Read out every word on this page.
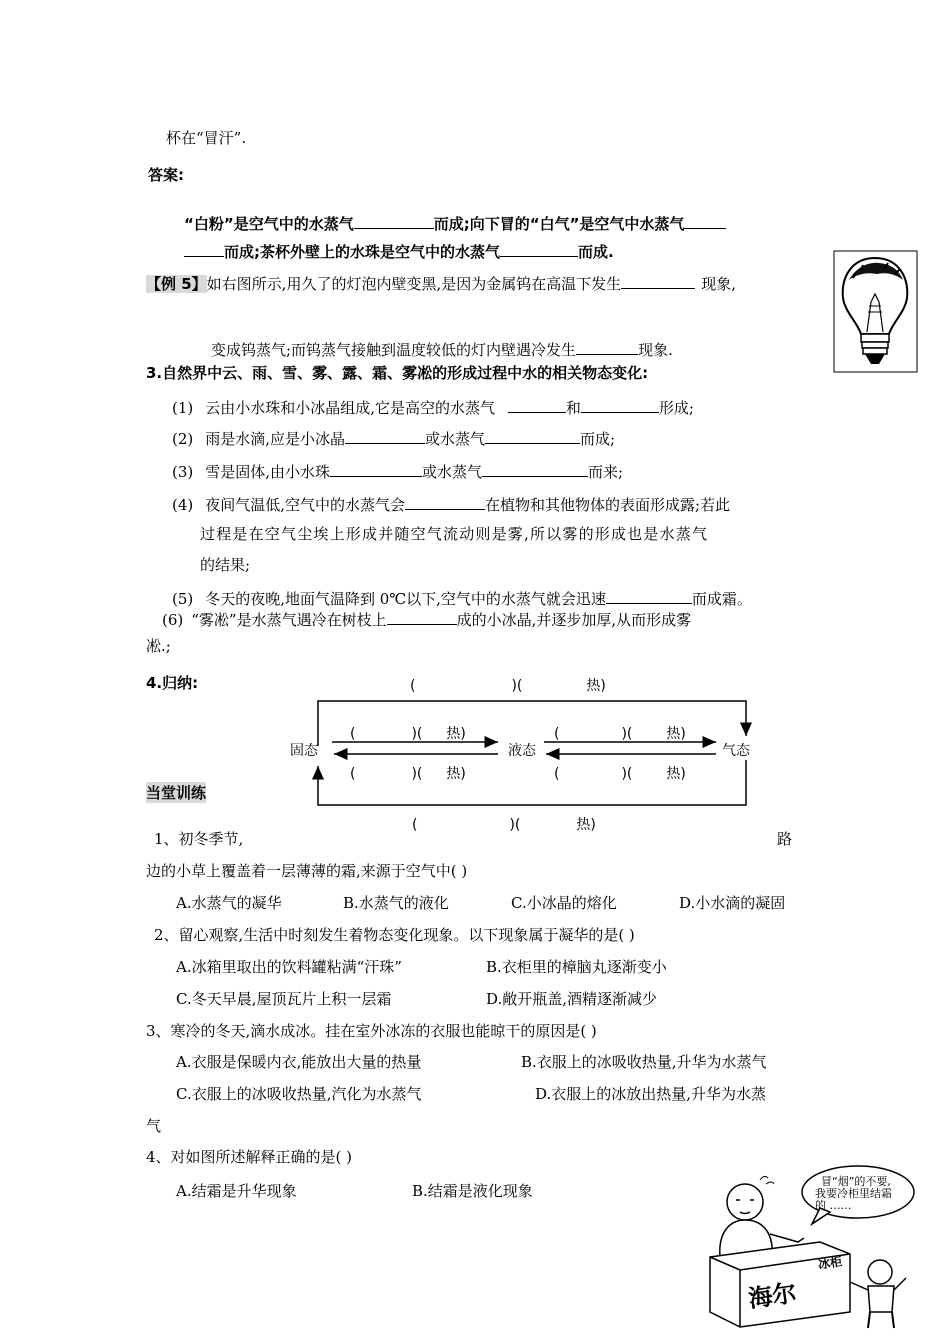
杯在“冒汗”.
答案:
“白粉”是空气中的水蒸气	而成;向下冒的“白气”是空气中水蒸气
而成;茶杯外壁上的水珠是空气中的水蒸气	而成.
【例 5】如右图所示,用久了的灯泡内壁变黑,是因为金属钨在高温下发生	现象,
变成钨蒸气;而钨蒸气接触到温度较低的灯内壁遇冷发生	现象.
3.自然界中云、雨、雪、雾、露、霜、雾凇的形成过程中水的相关物态变化:
(1) 云由小水珠和小冰晶组成,它是高空的水蒸气	和	形成;
(2) 雨是水滴,应是小冰晶	或水蒸气	而成;
(3) 雪是固体,由小水珠	或水蒸气	而来;
(4) 夜间气温低,空气中的水蒸气会	在植物和其他物体的表面形成露;若此
过程是在空气尘埃上形成并随空气流动则是雾,所以雾的形成也是水蒸气
的结果;
(5) 冬天的夜晚,地面气温降到 0℃以下,空气中的水蒸气就会迅速	而成霜。
(6) “雾凇”是水蒸气遇冷在树枝上	成的小冰晶,并逐步加厚,从而形成雾
凇.;
4.归纳:
固态	液态	气态
(	)(	热)
(	)( 热)	(	)( 热)
(	)( 热)	(	)( 热)
(	)(	热)
当堂训练
1、初冬季节,	路
边的小草上覆盖着一层薄薄的霜,来源于空气中( )
A.水蒸气的凝华	B.水蒸气的液化	C.小冰晶的熔化	D.小水滴的凝固
2、留心观察,生活中时刻发生着物态变化现象。以下现象属于凝华的是( )
A.冰箱里取出的饮料罐粘满“汗珠”	B.衣柜里的樟脑丸逐渐变小
C.冬天早晨,屋顶瓦片上积一层霜	D.敞开瓶盖,酒精逐渐减少
3、寒冷的冬天,滴水成冰。挂在室外冰冻的衣服也能晾干的原因是( )
A.衣服是保暖内衣,能放出大量的热量	B.衣服上的冰吸收热量,升华为水蒸气
C.衣服上的冰吸收热量,汽化为水蒸气	D.衣服上的冰放出热量,升华为水蒸
气
4、对如图所述解释正确的是( )
A.结霜是升华现象	B.结霜是液化现象
冒“烟”的不要,
我要冷柜里结霜
的 ……
海尔
冰柜
